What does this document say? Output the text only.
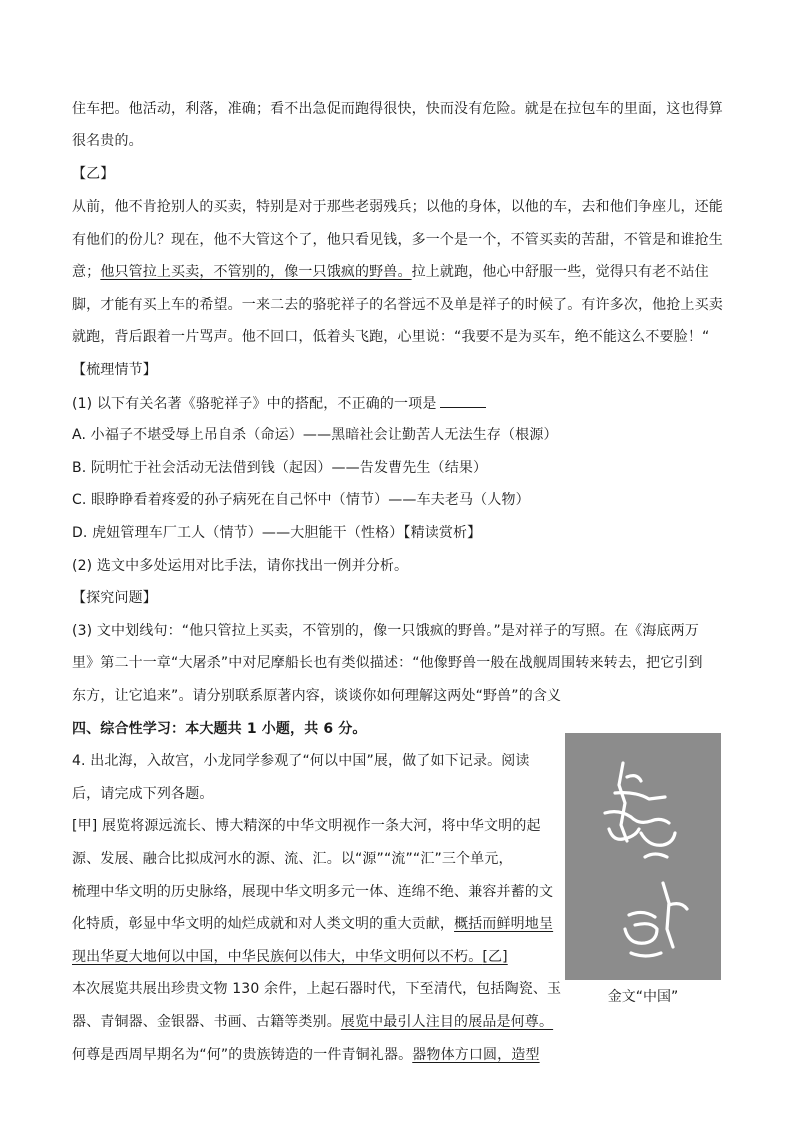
住车把。他活动，利落，准确；看不出急促而跑得很快，快而没有危险。就是在拉包车的里面，这也得算
很名贵的。
【乙】
从前，他不肯抢别人的买卖，特别是对于那些老弱残兵；以他的身体，以他的车，去和他们争座儿，还能
有他们的份儿？现在，他不大管这个了，他只看见钱，多一个是一个，不管买卖的苦甜，不管是和谁抢生
意；他只管拉上买卖，不管别的，像一只饿疯的野兽。拉上就跑，他心中舒服一些，觉得只有老不站住
脚，才能有买上车的希望。一来二去的骆驼祥子的名誉远不及单是祥子的时候了。有许多次，他抢上买卖
就跑，背后跟着一片骂声。他不回口，低着头飞跑，心里说：“我要不是为买车，绝不能这么不要脸！“
【梳理情节】
(1) 以下有关名著《骆驼祥子》中的搭配，不正确的一项是
A. 小福子不堪受辱上吊自杀（命运）——黑暗社会让勤苦人无法生存（根源）
B. 阮明忙于社会活动无法借到钱（起因）——告发曹先生（结果）
C. 眼睁睁看着疼爱的孙子病死在自己怀中（情节）——车夫老马（人物）
D. 虎妞管理车厂工人（情节）——大胆能干（性格）【精读赏析】
(2) 选文中多处运用对比手法，请你找出一例并分析。
【探究问题】
(3) 文中划线句：“他只管拉上买卖，不管别的，像一只饿疯的野兽。”是对祥子的写照。在《海底两万
里》第二十一章“大屠杀”中对尼摩船长也有类似描述：“他像野兽一般在战舰周围转来转去，把它引到
东方，让它追来”。请分别联系原著内容，谈谈你如何理解这两处“野兽”的含义
四、综合性学习：本大题共 1 小题，共 6 分。
4. 出北海，入故宫，小龙同学参观了“何以中国”展，做了如下记录。阅读
后，请完成下列各题。
[甲] 展览将源远流长、博大精深的中华文明视作一条大河，将中华文明的起
源、发展、融合比拟成河水的源、流、汇。以“源”“流”“汇”三个单元，
梳理中华文明的历史脉络，展现中华文明多元一体、连绵不绝、兼容并蓄的文
化特质，彰显中华文明的灿烂成就和对人类文明的重大贡献，概括而鲜明地呈
现出华夏大地何以中国，中华民族何以伟大，中华文明何以不朽。[乙]
本次展览共展出珍贵文物 130 余件，上起石器时代，下至清代，包括陶瓷、玉
器、青铜器、金银器、书画、古籍等类别。展览中最引人注目的展品是何尊。
何尊是西周早期名为“何”的贵族铸造的一件青铜礼器。器物体方口圆，造型
金文“中国”
